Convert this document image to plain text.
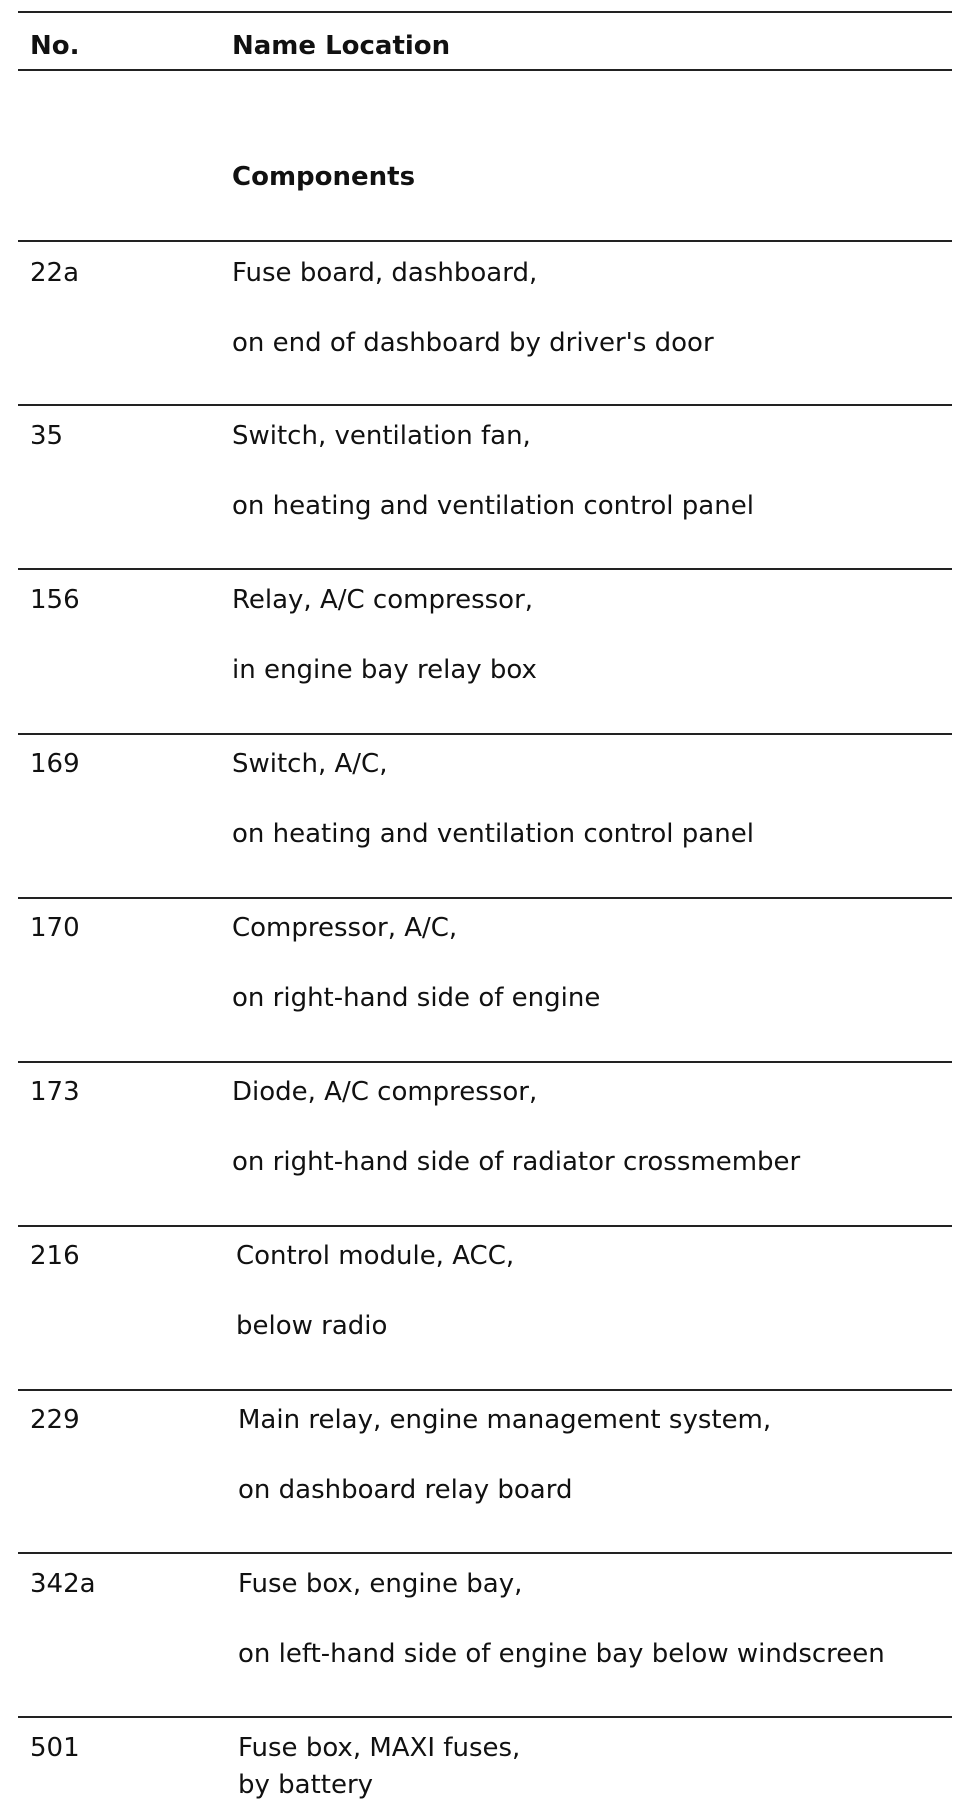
No.	Name Location
Components
22a	Fuse board, dashboard,
on end of dashboard by driver's door
35	Switch, ventilation fan,
on heating and ventilation control panel
156	Relay, A/C compressor,
in engine bay relay box
169	Switch, A/C,
on heating and ventilation control panel
170	Compressor, A/C,
on right-hand side of engine
173	Diode, A/C compressor,
on right-hand side of radiator crossmember
216	Control module, ACC,
below radio
229	Main relay, engine management system,
on dashboard relay board
342a	Fuse box, engine bay,
on left-hand side of engine bay below windscreen
501	Fuse box, MAXI fuses,
by battery
